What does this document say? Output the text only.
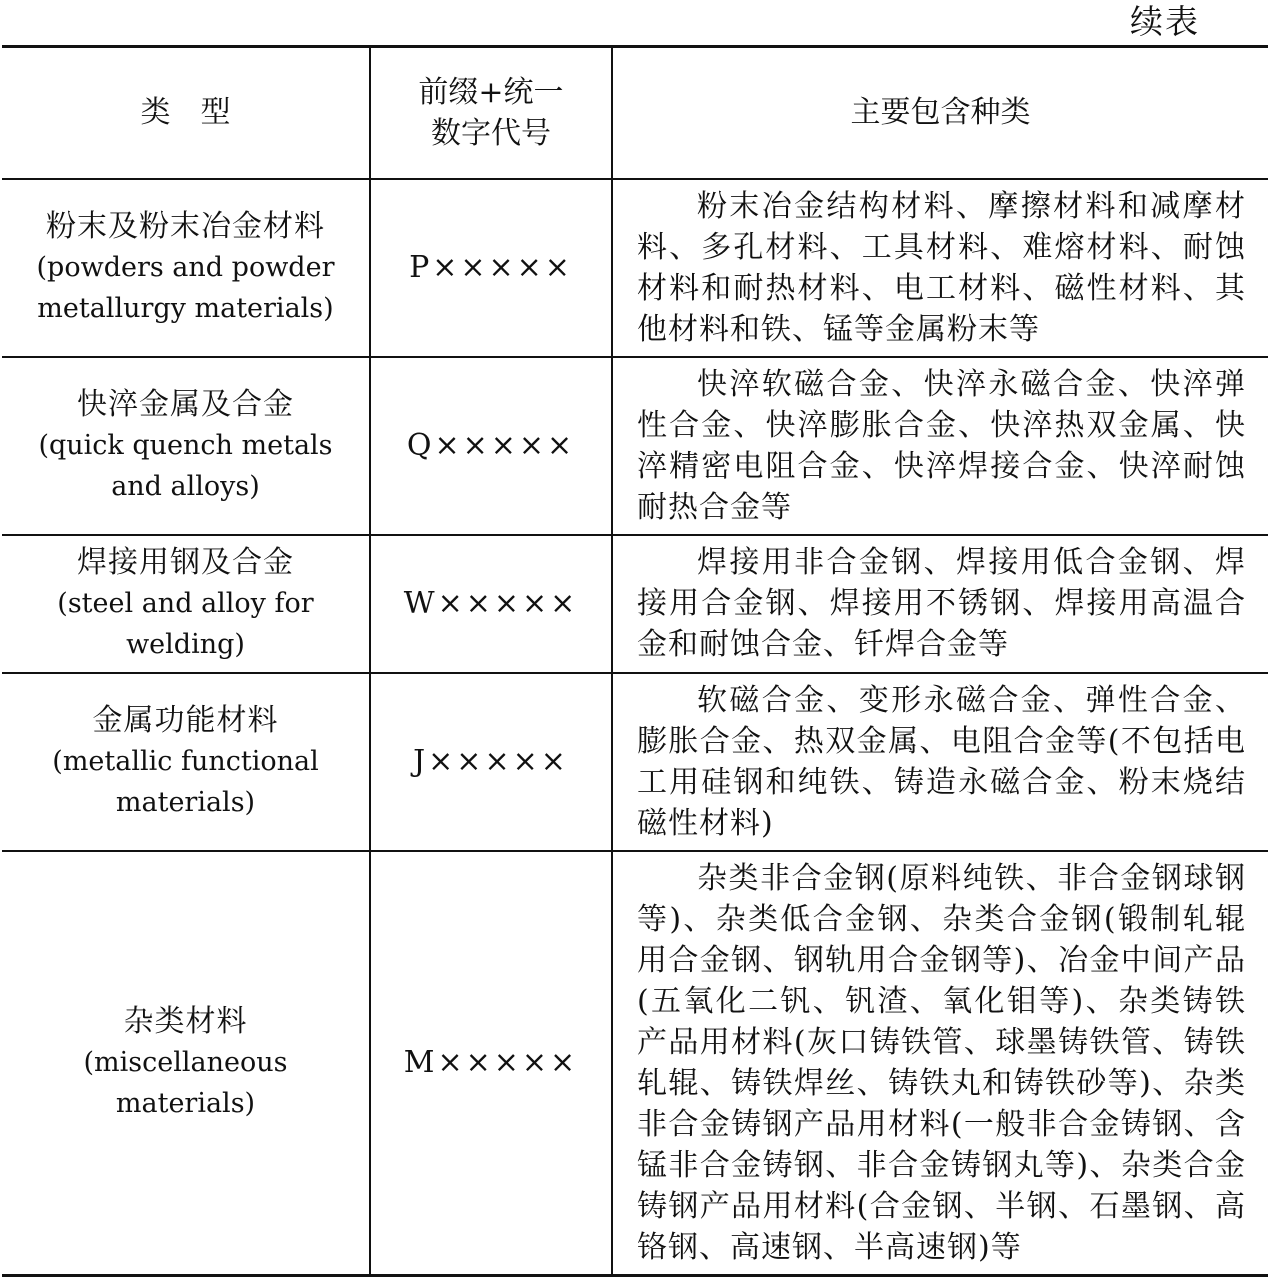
续表
类　型	前缀+统一数字代号	主要包含种类

粉末及粉末冶金材料
(powders and powder metallurgy materials)	P×××××	粉末冶金结构材料、摩擦材料和减摩材料、多孔材料、工具材料、难熔材料、耐蚀材料和耐热材料、电工材料、磁性材料、其他材料和铁、锰等金属粉末等

快淬金属及合金
(quick quench metals and alloys)	Q×××××	快淬软磁合金、快淬永磁合金、快淬弹性合金、快淬膨胀合金、快淬热双金属、快淬精密电阻合金、快淬焊接合金、快淬耐蚀耐热合金等

焊接用钢及合金
(steel and alloy for welding)	W×××××	焊接用非合金钢、焊接用低合金钢、焊接用合金钢、焊接用不锈钢、焊接用高温合金和耐蚀合金、钎焊合金等

金属功能材料
(metallic functional materials)	J×××××	软磁合金、变形永磁合金、弹性合金、膨胀合金、热双金属、电阻合金等(不包括电工用硅钢和纯铁、铸造永磁合金、粉末烧结磁性材料)

杂类材料
(miscellaneous materials)	M×××××	杂类非合金钢(原料纯铁、非合金钢球钢等)、杂类低合金钢、杂类合金钢(锻制轧辊用合金钢、钢轨用合金钢等)、冶金中间产品(五氧化二钒、钒渣、氧化钼等)、杂类铸铁产品用材料(灰口铸铁管、球墨铸铁管、铸铁轧辊、铸铁焊丝、铸铁丸和铸铁砂等)、杂类非合金铸钢产品用材料(一般非合金铸钢、含锰非合金铸钢、非合金铸钢丸等)、杂类合金铸钢产品用材料(合金钢、半钢、石墨钢、高铬钢、高速钢、半高速钢)等
